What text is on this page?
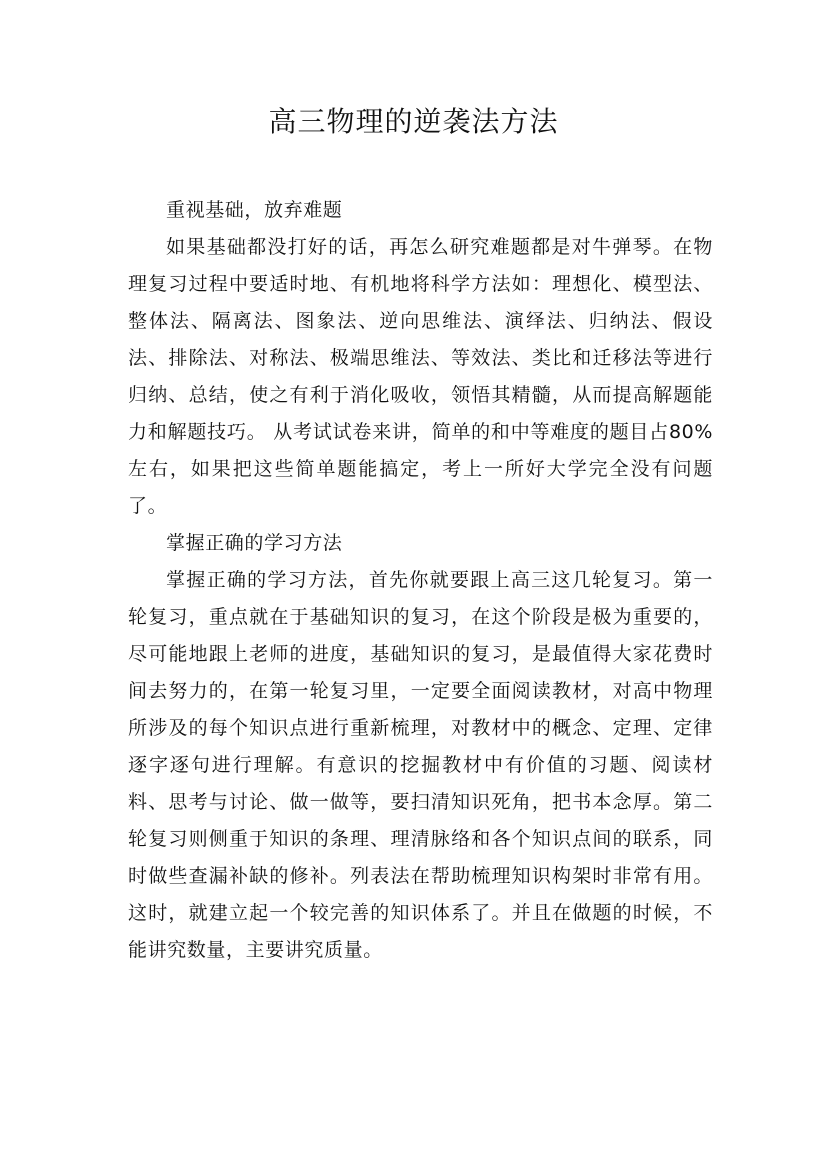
高三物理的逆袭法方法

重视基础，放弃难题

如果基础都没打好的话，再怎么研究难题都是对牛弹琴。在物理复习过程中要适时地、有机地将科学方法如：理想化、模型法、整体法、隔离法、图象法、逆向思维法、演绎法、归纳法、假设法、排除法、对称法、极端思维法、等效法、类比和迁移法等进行归纳、总结，使之有利于消化吸收，领悟其精髓，从而提高解题能力和解题技巧。 从考试试卷来讲，简单的和中等难度的题目占80%左右，如果把这些简单题能搞定，考上一所好大学完全没有问题了。

掌握正确的学习方法

掌握正确的学习方法，首先你就要跟上高三这几轮复习。第一轮复习，重点就在于基础知识的复习，在这个阶段是极为重要的，尽可能地跟上老师的进度，基础知识的复习，是最值得大家花费时间去努力的，在第一轮复习里，一定要全面阅读教材，对高中物理所涉及的每个知识点进行重新梳理，对教材中的概念、定理、定律逐字逐句进行理解。有意识的挖掘教材中有价值的习题、阅读材料、思考与讨论、做一做等，要扫清知识死角，把书本念厚。第二轮复习则侧重于知识的条理、理清脉络和各个知识点间的联系，同时做些查漏补缺的修补。列表法在帮助梳理知识构架时非常有用。这时，就建立起一个较完善的知识体系了。并且在做题的时候，不能讲究数量，主要讲究质量。
